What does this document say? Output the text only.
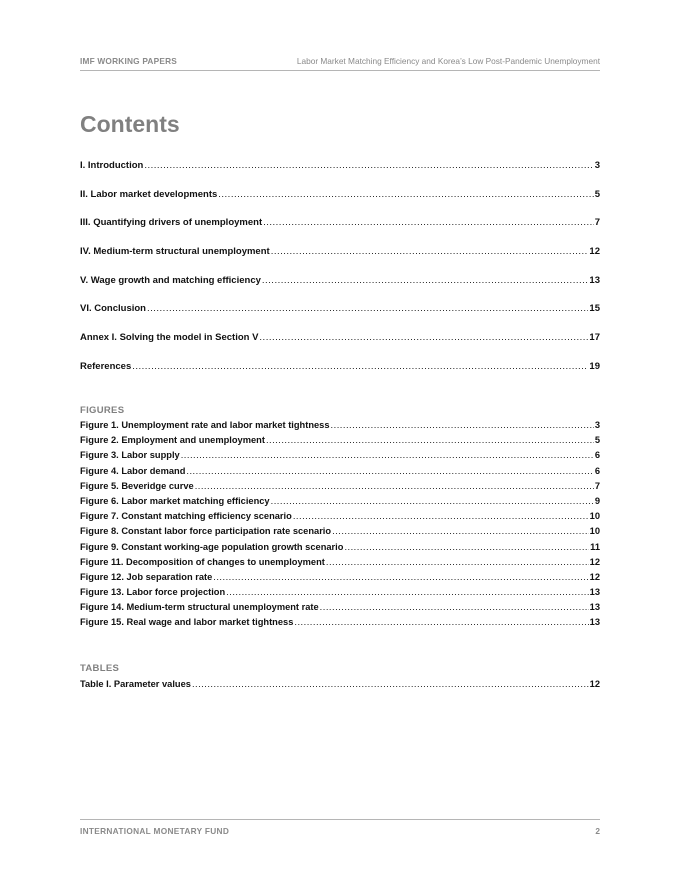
IMF WORKING PAPERS	Labor Market Matching Efficiency and Korea’s Low Post-Pandemic Unemployment
Contents
I. Introduction .....	3
II. Labor market developments .....	5
III. Quantifying drivers of unemployment .....	7
IV. Medium-term structural unemployment .....	12
V. Wage growth and matching efficiency .....	13
VI. Conclusion .....	15
Annex I. Solving the model in Section V .....	17
References .....	19
FIGURES
Figure 1. Unemployment rate and labor market tightness .....	3
Figure 2. Employment and unemployment .....	5
Figure 3. Labor supply .....	6
Figure 4. Labor demand .....	6
Figure 5. Beveridge curve .....	7
Figure 6. Labor market matching efficiency .....	9
Figure 7. Constant matching efficiency scenario .....	10
Figure 8. Constant labor force participation rate scenario .....	10
Figure 9. Constant working-age population growth scenario .....	11
Figure 11. Decomposition of changes to unemployment .....	12
Figure 12. Job separation rate .....	12
Figure 13. Labor force projection .....	13
Figure 14. Medium-term structural unemployment rate .....	13
Figure 15. Real wage and labor market tightness .....	13
TABLES
Table I. Parameter values .....	12
INTERNATIONAL MONETARY FUND	2
